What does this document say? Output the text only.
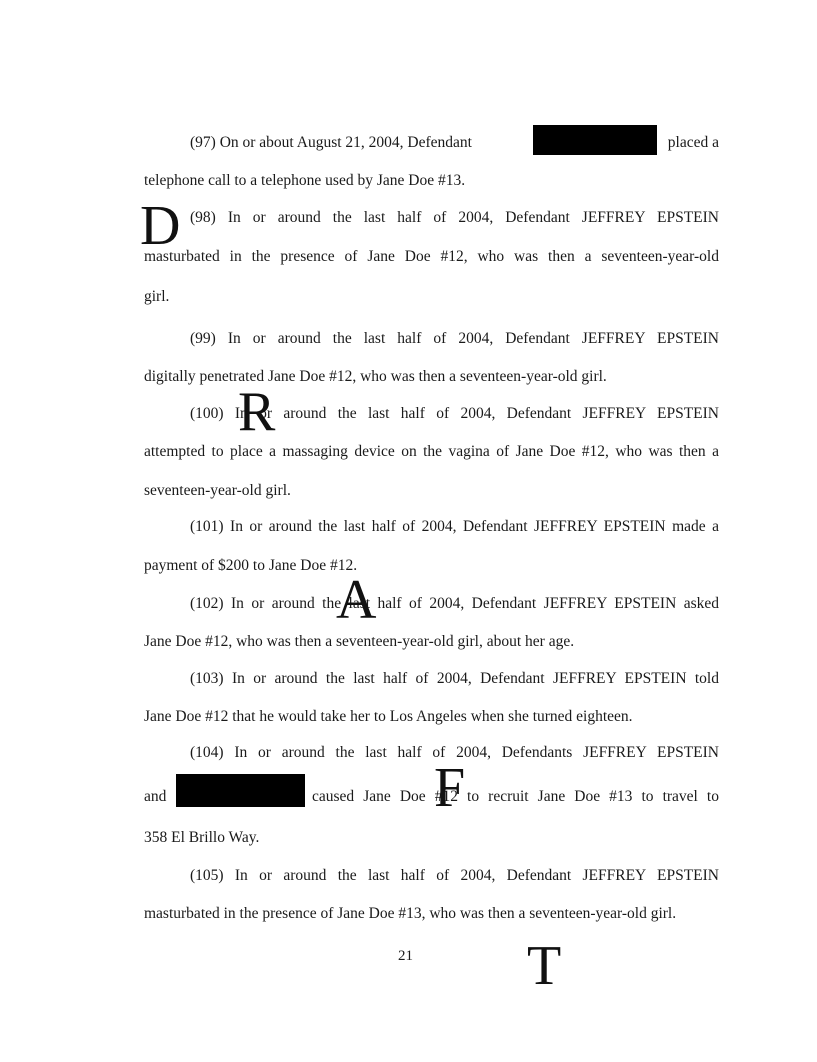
(97) On or about August 21, 2004, Defendant	placed a
telephone call to a telephone used by Jane Doe #13.
(98) In or around the last half of 2004, Defendant JEFFREY EPSTEIN
masturbated in the presence of Jane Doe #12, who was then a seventeen-year-old
girl.
(99) In or around the last half of 2004, Defendant JEFFREY EPSTEIN
digitally penetrated Jane Doe #12, who was then a seventeen-year-old girl.
(100) In or around the last half of 2004, Defendant JEFFREY EPSTEIN
attempted to place a massaging device on the vagina of Jane Doe #12, who was then a
seventeen-year-old girl.
(101) In or around the last half of 2004, Defendant JEFFREY EPSTEIN made a
payment of $200 to Jane Doe #12.
(102) In or around the last half of 2004, Defendant JEFFREY EPSTEIN asked
Jane Doe #12, who was then a seventeen-year-old girl, about her age.
(103) In or around the last half of 2004, Defendant JEFFREY EPSTEIN told
Jane Doe #12 that he would take her to Los Angeles when she turned eighteen.
(104) In or around the last half of 2004, Defendants JEFFREY EPSTEIN
and	caused Jane Doe #12 to recruit Jane Doe #13 to travel to
358 El Brillo Way.
(105) In or around the last half of 2004, Defendant JEFFREY EPSTEIN
masturbated in the presence of Jane Doe #13, who was then a seventeen-year-old girl.
21
D
R
A
F
T
